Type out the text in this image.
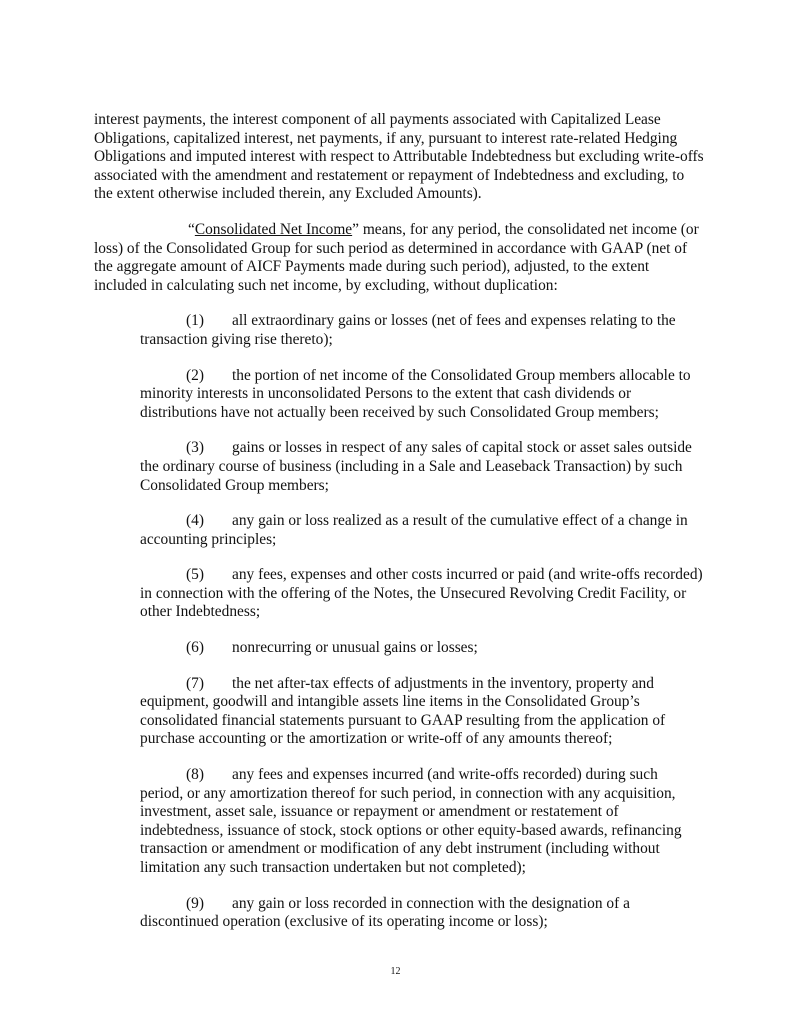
interest payments, the interest component of all payments associated with Capitalized Lease Obligations, capitalized interest, net payments, if any, pursuant to interest rate-related Hedging Obligations and imputed interest with respect to Attributable Indebtedness but excluding write-offs associated with the amendment and restatement or repayment of Indebtedness and excluding, to the extent otherwise included therein, any Excluded Amounts).

“Consolidated Net Income” means, for any period, the consolidated net income (or loss) of the Consolidated Group for such period as determined in accordance with GAAP (net of the aggregate amount of AICF Payments made during such period), adjusted, to the extent included in calculating such net income, by excluding, without duplication:

(1) all extraordinary gains or losses (net of fees and expenses relating to the transaction giving rise thereto);

(2) the portion of net income of the Consolidated Group members allocable to minority interests in unconsolidated Persons to the extent that cash dividends or distributions have not actually been received by such Consolidated Group members;

(3) gains or losses in respect of any sales of capital stock or asset sales outside the ordinary course of business (including in a Sale and Leaseback Transaction) by such Consolidated Group members;

(4) any gain or loss realized as a result of the cumulative effect of a change in accounting principles;

(5) any fees, expenses and other costs incurred or paid (and write-offs recorded) in connection with the offering of the Notes, the Unsecured Revolving Credit Facility, or other Indebtedness;

(6) nonrecurring or unusual gains or losses;

(7) the net after-tax effects of adjustments in the inventory, property and equipment, goodwill and intangible assets line items in the Consolidated Group’s consolidated financial statements pursuant to GAAP resulting from the application of purchase accounting or the amortization or write-off of any amounts thereof;

(8) any fees and expenses incurred (and write-offs recorded) during such period, or any amortization thereof for such period, in connection with any acquisition, investment, asset sale, issuance or repayment or amendment or restatement of indebtedness, issuance of stock, stock options or other equity-based awards, refinancing transaction or amendment or modification of any debt instrument (including without limitation any such transaction undertaken but not completed);

(9) any gain or loss recorded in connection with the designation of a discontinued operation (exclusive of its operating income or loss);

12
